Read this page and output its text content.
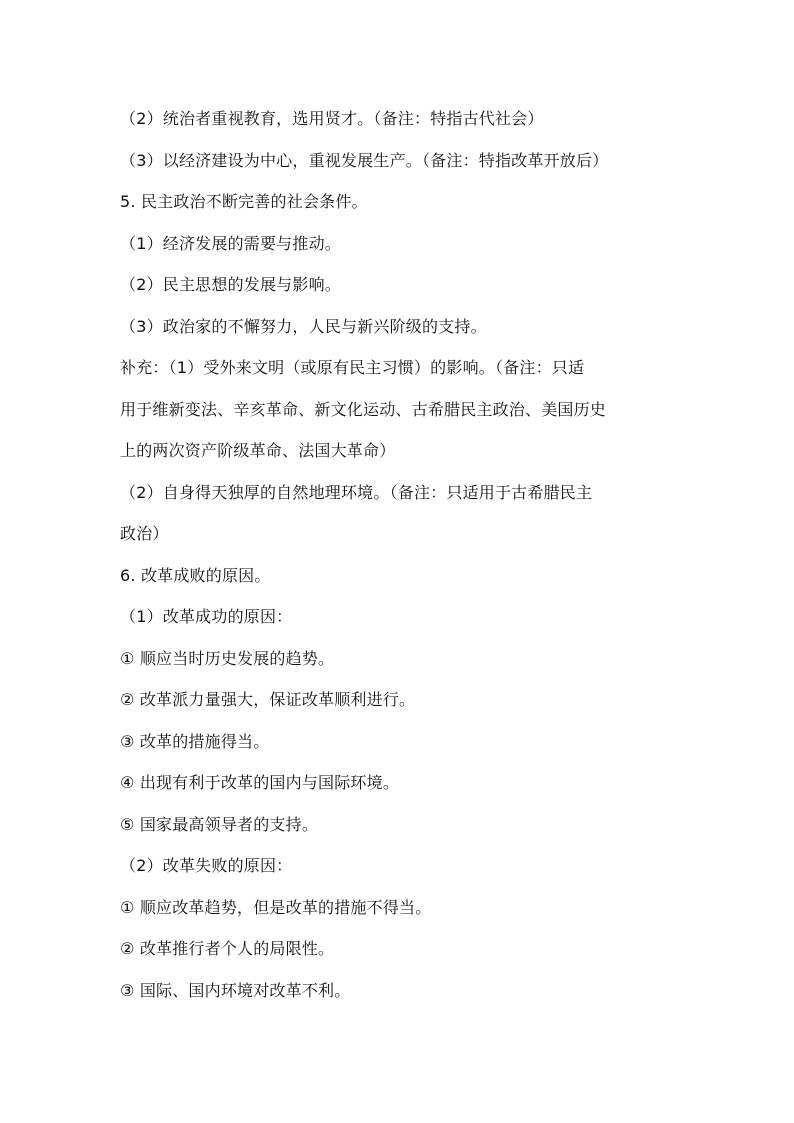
（2）统治者重视教育，选用贤才。（备注：特指古代社会）
（3）以经济建设为中心，重视发展生产。（备注：特指改革开放后）
5. 民主政治不断完善的社会条件。
（1）经济发展的需要与推动。
（2）民主思想的发展与影响。
（3）政治家的不懈努力，人民与新兴阶级的支持。
补充：（1）受外来文明（或原有民主习惯）的影响。（备注：只适
用于维新变法、辛亥革命、新文化运动、古希腊民主政治、美国历史
上的两次资产阶级革命、法国大革命）
（2）自身得天独厚的自然地理环境。（备注：只适用于古希腊民主
政治）
6. 改革成败的原因。
（1）改革成功的原因：
① 顺应当时历史发展的趋势。
② 改革派力量强大，保证改革顺利进行。
③ 改革的措施得当。
④ 出现有利于改革的国内与国际环境。
⑤ 国家最高领导者的支持。
（2）改革失败的原因：
① 顺应改革趋势，但是改革的措施不得当。
② 改革推行者个人的局限性。
③ 国际、国内环境对改革不利。
